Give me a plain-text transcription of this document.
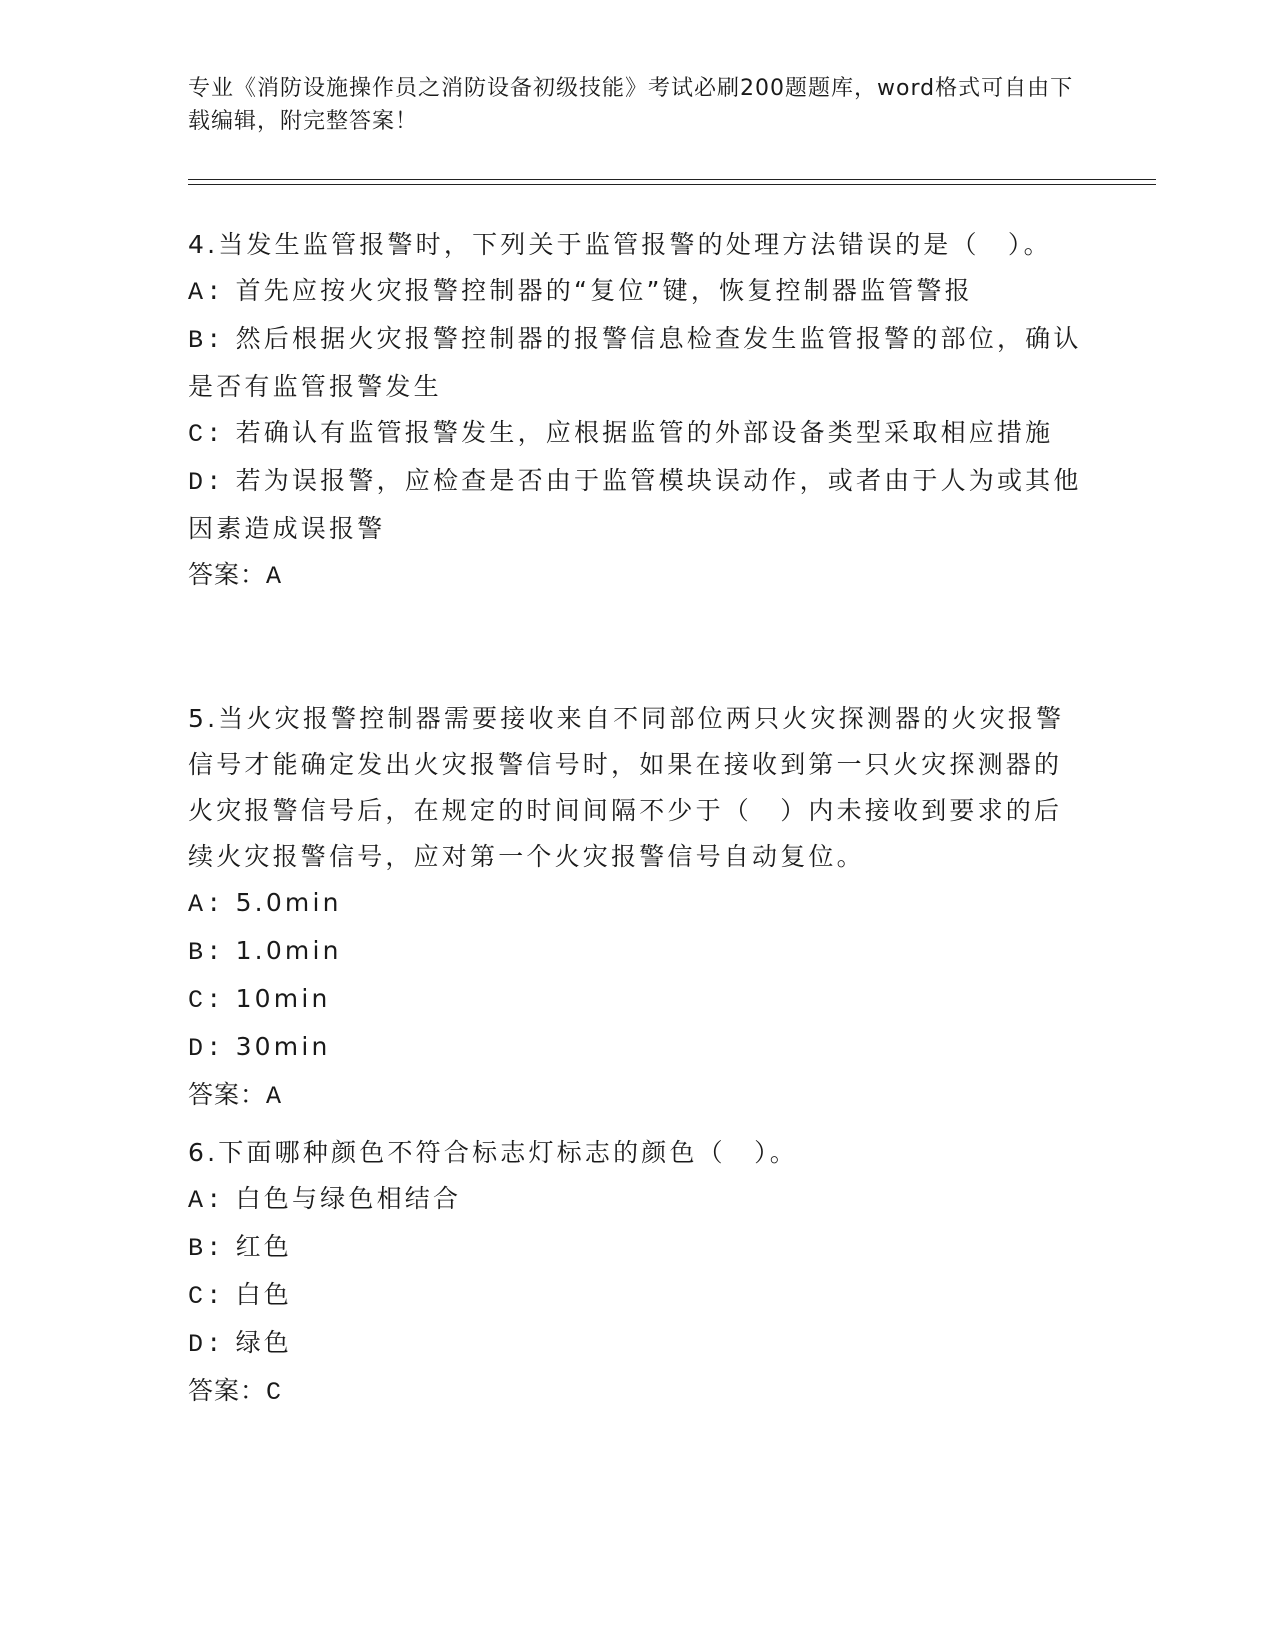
专业《消防设施操作员之消防设备初级技能》考试必刷200题题库，word格式可自由下载编辑，附完整答案！

4.当发生监管报警时，下列关于监管报警的处理方法错误的是（　）。

A: 首先应按火灾报警控制器的“复位”键，恢复控制器监管警报

B: 然后根据火灾报警控制器的报警信息检查发生监管报警的部位，确认是否有监管报警发生

C: 若确认有监管报警发生，应根据监管的外部设备类型采取相应措施

D: 若为误报警，应检查是否由于监管模块误动作，或者由于人为或其他因素造成误报警

答案：A

5.当火灾报警控制器需要接收来自不同部位两只火灾探测器的火灾报警信号才能确定发出火灾报警信号时，如果在接收到第一只火灾探测器的火灾报警信号后，在规定的时间间隔不少于（　）内未接收到要求的后续火灾报警信号，应对第一个火灾报警信号自动复位。

A: 5.0min

B: 1.0min

C: 10min

D: 30min

答案：A

6.下面哪种颜色不符合标志灯标志的颜色（　）。

A: 白色与绿色相结合

B: 红色

C: 白色

D: 绿色

答案：C
